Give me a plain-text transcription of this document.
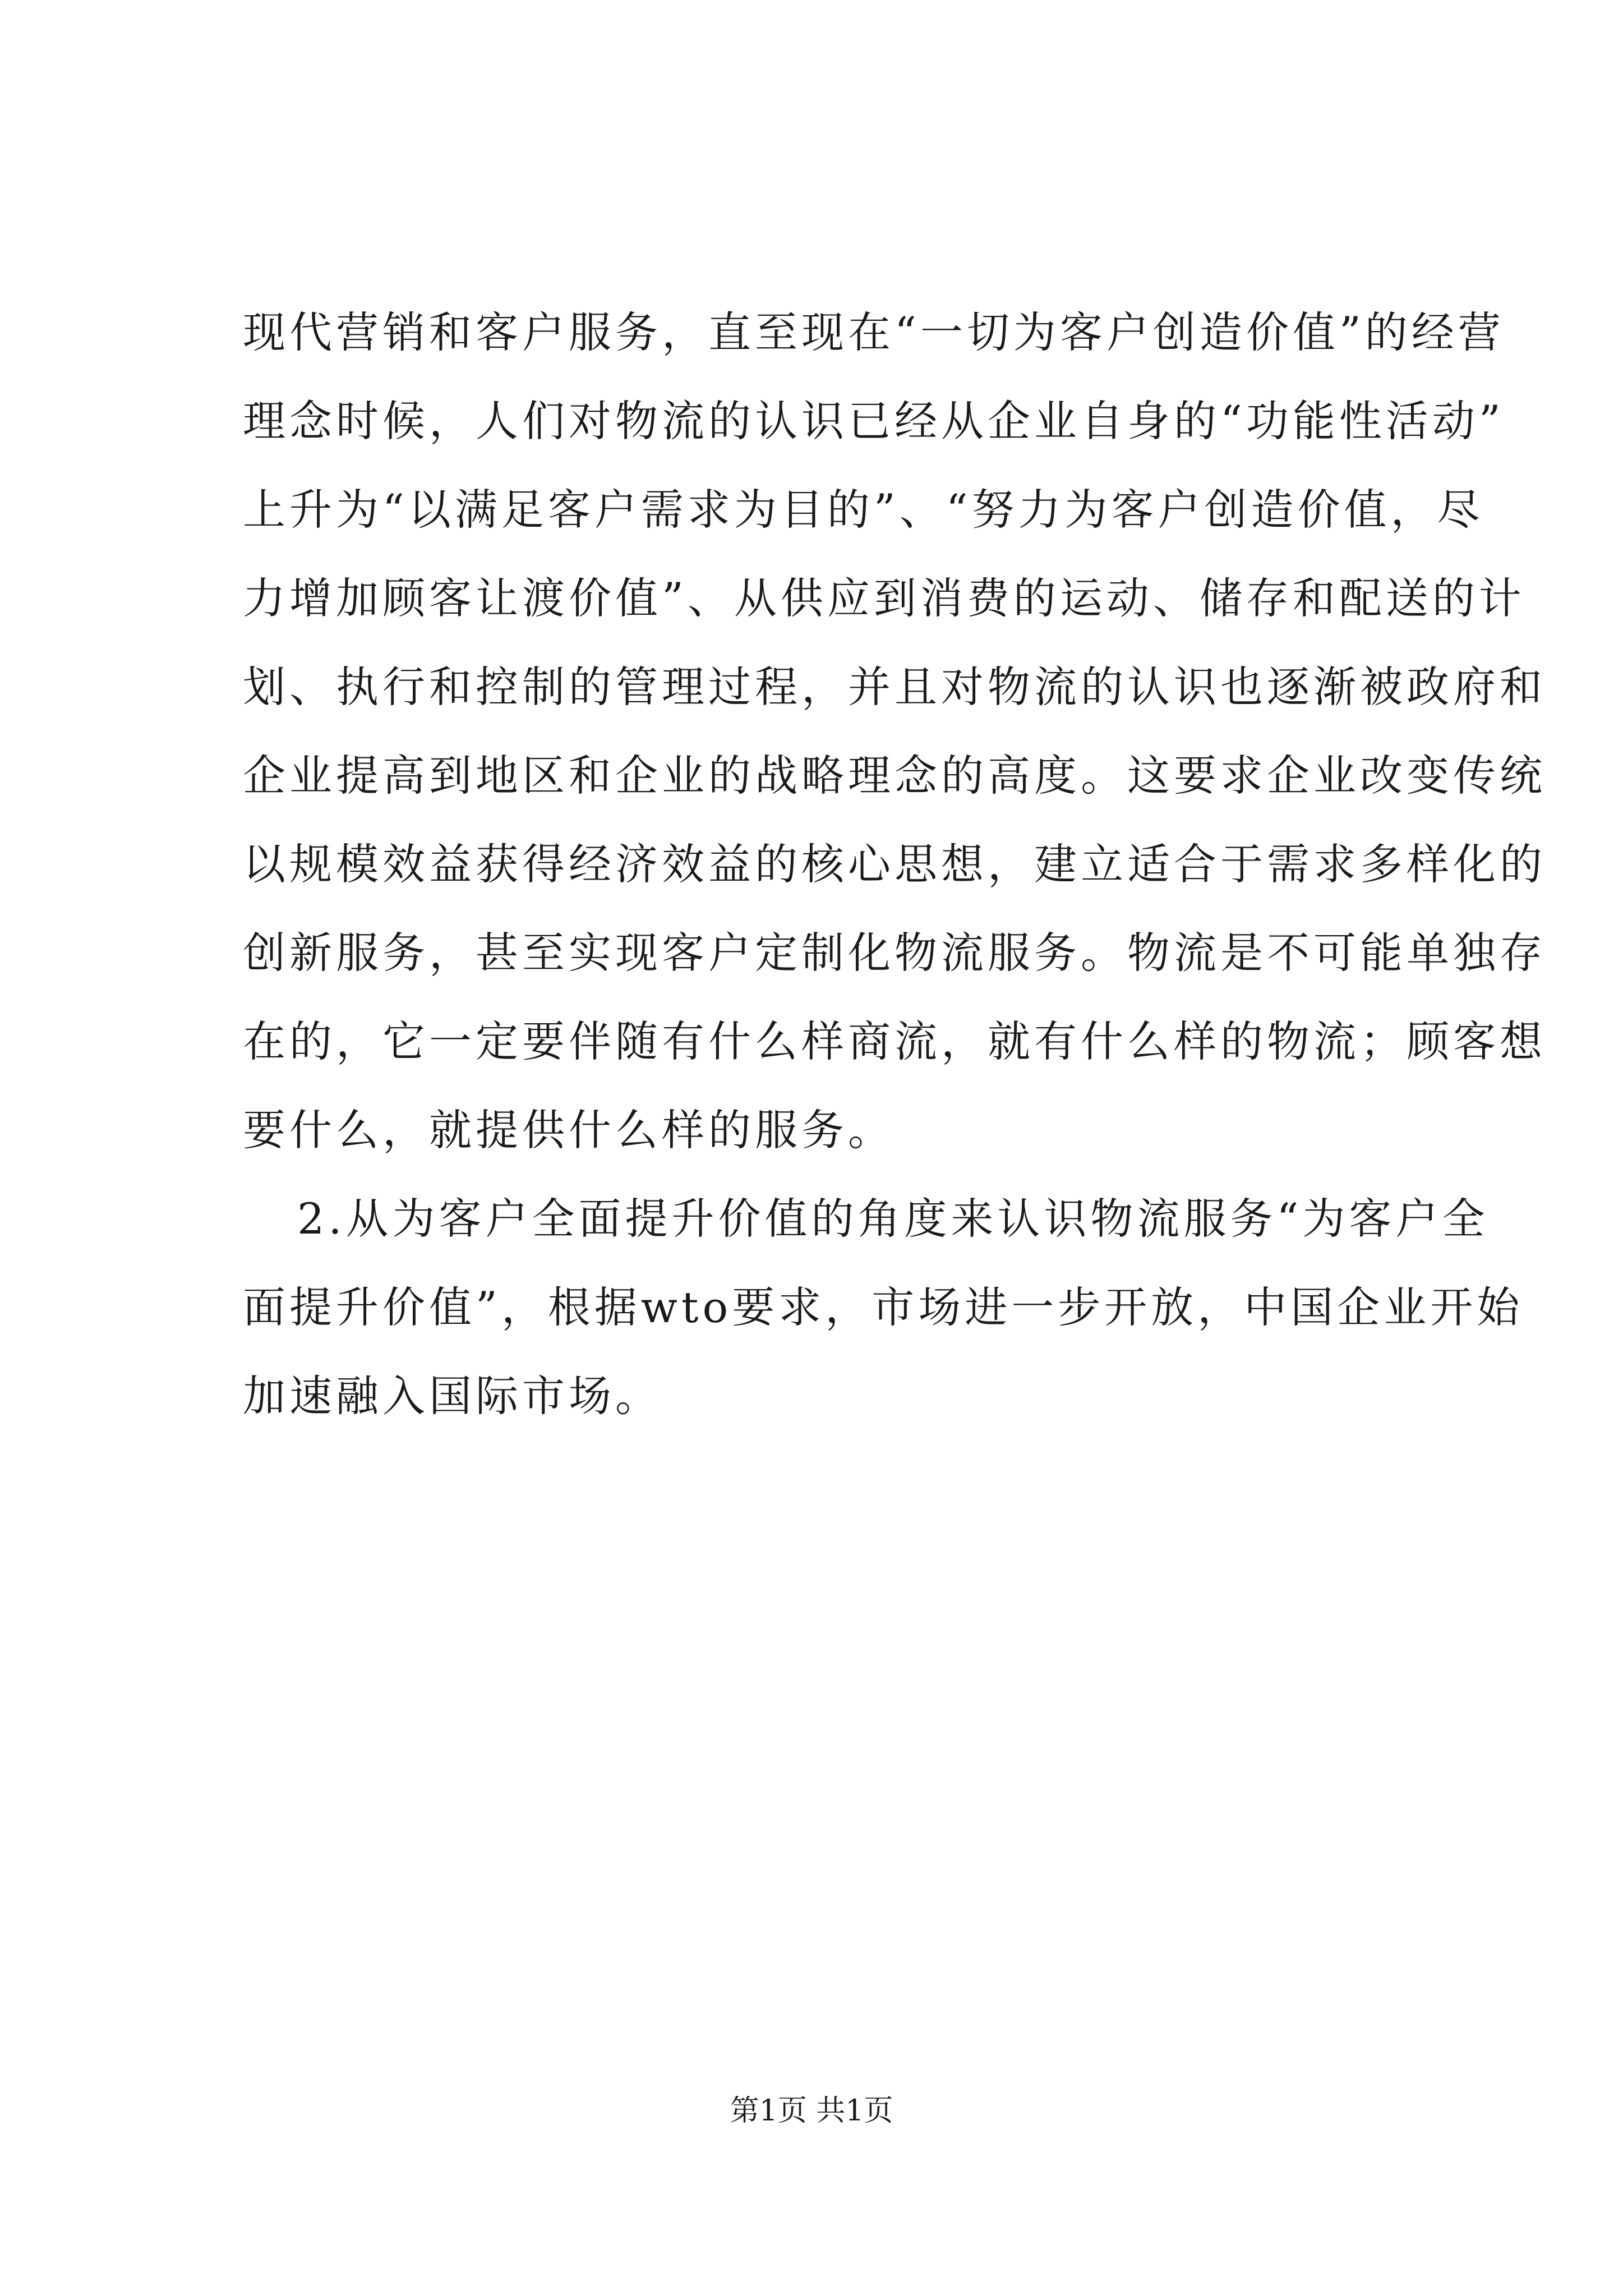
现代营销和客户服务，直至现在“一切为客户创造价值”的经营
理念时候，人们对物流的认识已经从企业自身的“功能性活动”
上升为“以满足客户需求为目的”、“努力为客户创造价值，尽
力增加顾客让渡价值”、从供应到消费的运动、储存和配送的计
划、执行和控制的管理过程，并且对物流的认识也逐渐被政府和
企业提高到地区和企业的战略理念的高度。这要求企业改变传统
以规模效益获得经济效益的核心思想，建立适合于需求多样化的
创新服务，甚至实现客户定制化物流服务。物流是不可能单独存
在的，它一定要伴随有什么样商流，就有什么样的物流；顾客想
要什么，就提供什么样的服务。
2.从为客户全面提升价值的角度来认识物流服务“为客户全
面提升价值”，根据wto要求，市场进一步开放，中国企业开始
加速融入国际市场。
第1页 共1页
